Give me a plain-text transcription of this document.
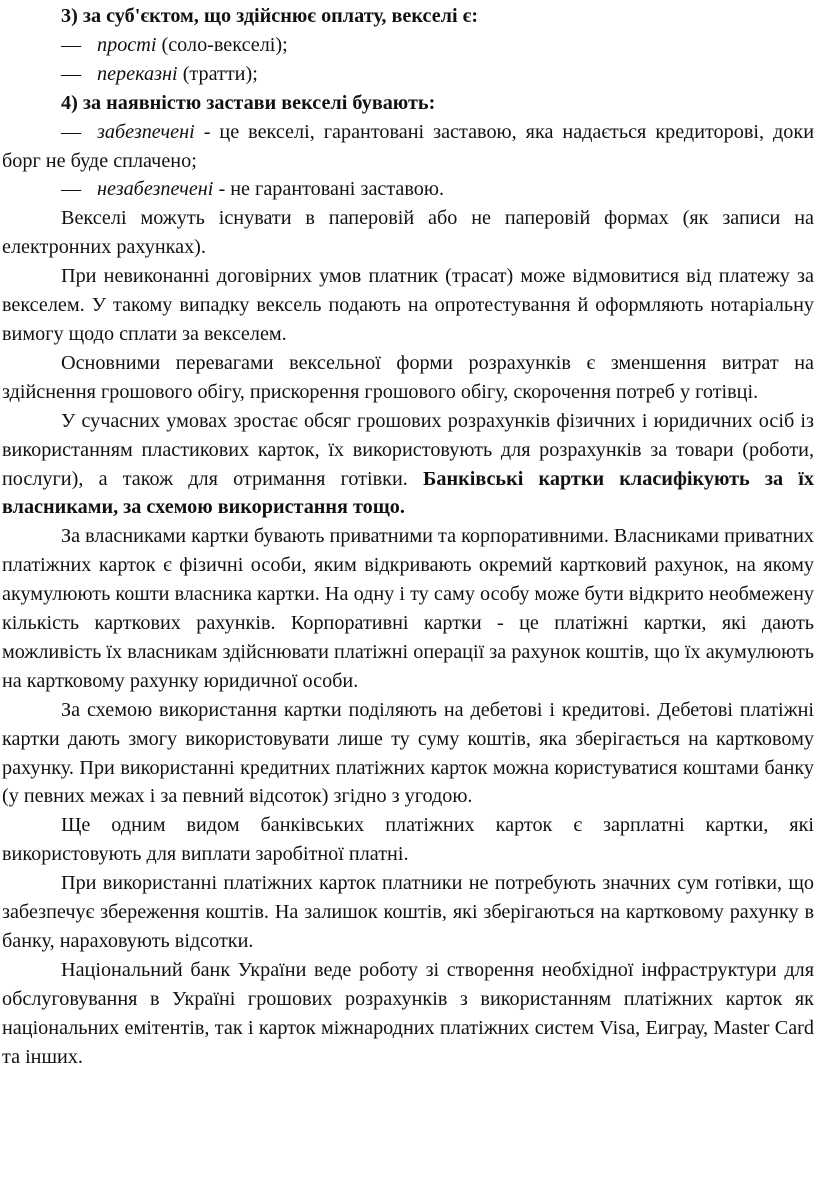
3) за суб'єктом, що здійснює оплату, векселі є:

— прості (соло-векселі);

— переказні (тратти);

4) за наявністю застави векселі бувають:

— забезпечені - це векселі, гарантовані заставою, яка надається кредиторові, доки борг не буде сплачено;

— незабезпечені - не гарантовані заставою.

Векселі можуть існувати в паперовій або не паперовій формах (як записи на електронних рахунках).

При невиконанні договірних умов платник (трасат) може відмовитися від платежу за векселем. У такому випадку вексель подають на опротестування й оформляють нотаріальну вимогу щодо сплати за векселем.

Основними перевагами вексельної форми розрахунків є зменшення витрат на здійснення грошового обігу, прискорення грошового обігу, скорочення потреб у готівці.

У сучасних умовах зростає обсяг грошових розрахунків фізичних і юридичних осіб із використанням пластикових карток, їх використовують для розрахунків за товари (роботи, послуги), а також для отримання готівки. Банківські картки класифікують за їх власниками, за схемою використання тощо.

За власниками картки бувають приватними та корпоративними. Власниками приватних платіжних карток є фізичні особи, яким відкривають окремий картковий рахунок, на якому акумулюють кошти власника картки. На одну і ту саму особу може бути відкрито необмежену кількість карткових рахунків. Корпоративні картки - це платіжні картки, які дають можливість їх власникам здійснювати платіжні операції за рахунок коштів, що їх акумулюють на картковому рахунку юридичної особи.

За схемою використання картки поділяють на дебетові і кредитові. Дебетові платіжні картки дають змогу використовувати лише ту суму коштів, яка зберігається на картковому рахунку. При використанні кредитних платіжних карток можна користуватися коштами банку (у певних межах і за певний відсоток) згідно з угодою.

Ще одним видом банківських платіжних карток є зарплатні картки, які використовують для виплати заробітної платні.

При використанні платіжних карток платники не потребують значних сум готівки, що забезпечує збереження коштів. На залишок коштів, які зберігаються на картковому рахунку в банку, нараховують відсотки.

Національний банк України веде роботу зі створення необхідної інфраструктури для обслуговування в Україні грошових розрахунків з використанням платіжних карток як національних емітентів, так і карток міжнародних платіжних систем Visa, Еиграу, Master Card та інших.
